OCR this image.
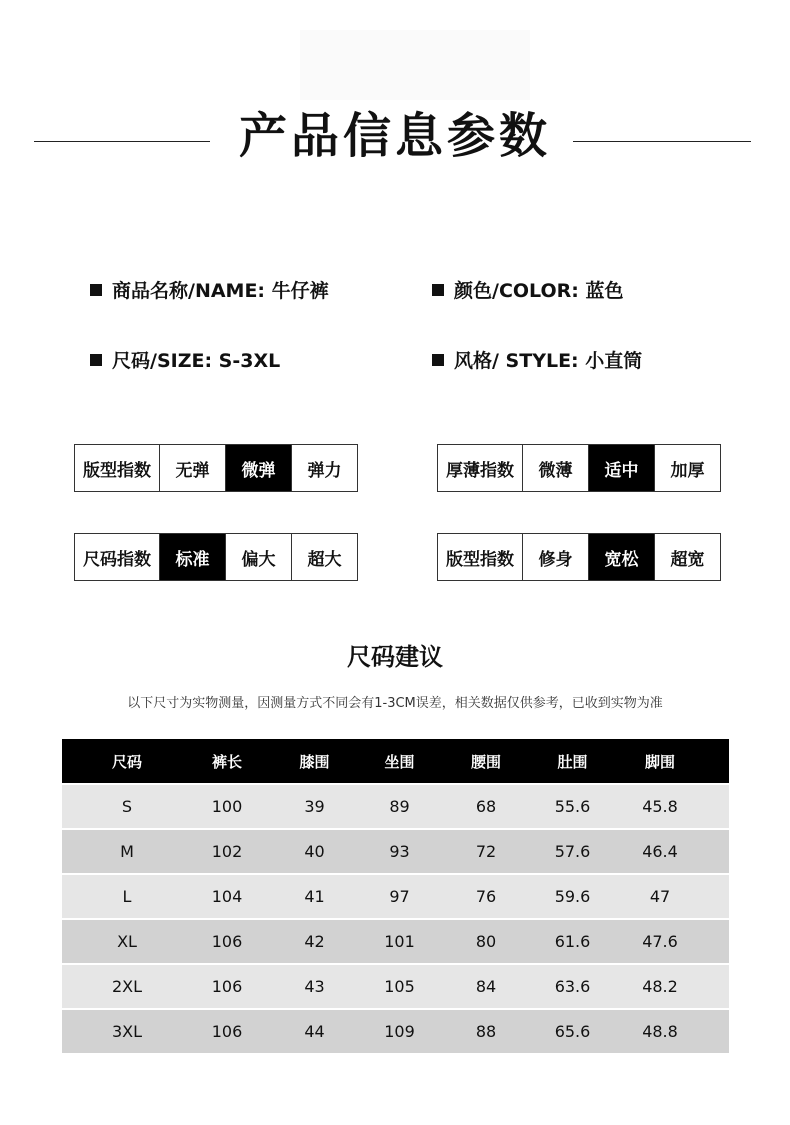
产品信息参数
商品名称/NAME: 牛仔裤	颜色/COLOR: 蓝色
尺码/SIZE: S-3XL	风格/ STYLE: 小直筒
版型指数	无弹	微弹	弹力	厚薄指数	微薄	适中	加厚
尺码指数	标准	偏大	超大	版型指数	修身	宽松	超宽
尺码建议
以下尺寸为实物测量，因测量方式不同会有1-3CM误差，相关数据仅供参考，已收到实物为准
尺码	裤长	膝围	坐围	腰围	肚围	脚围
S	100	39	89	68	55.6	45.8
M	102	40	93	72	57.6	46.4
L	104	41	97	76	59.6	47
XL	106	42	101	80	61.6	47.6
2XL	106	43	105	84	63.6	48.2
3XL	106	44	109	88	65.6	48.8
